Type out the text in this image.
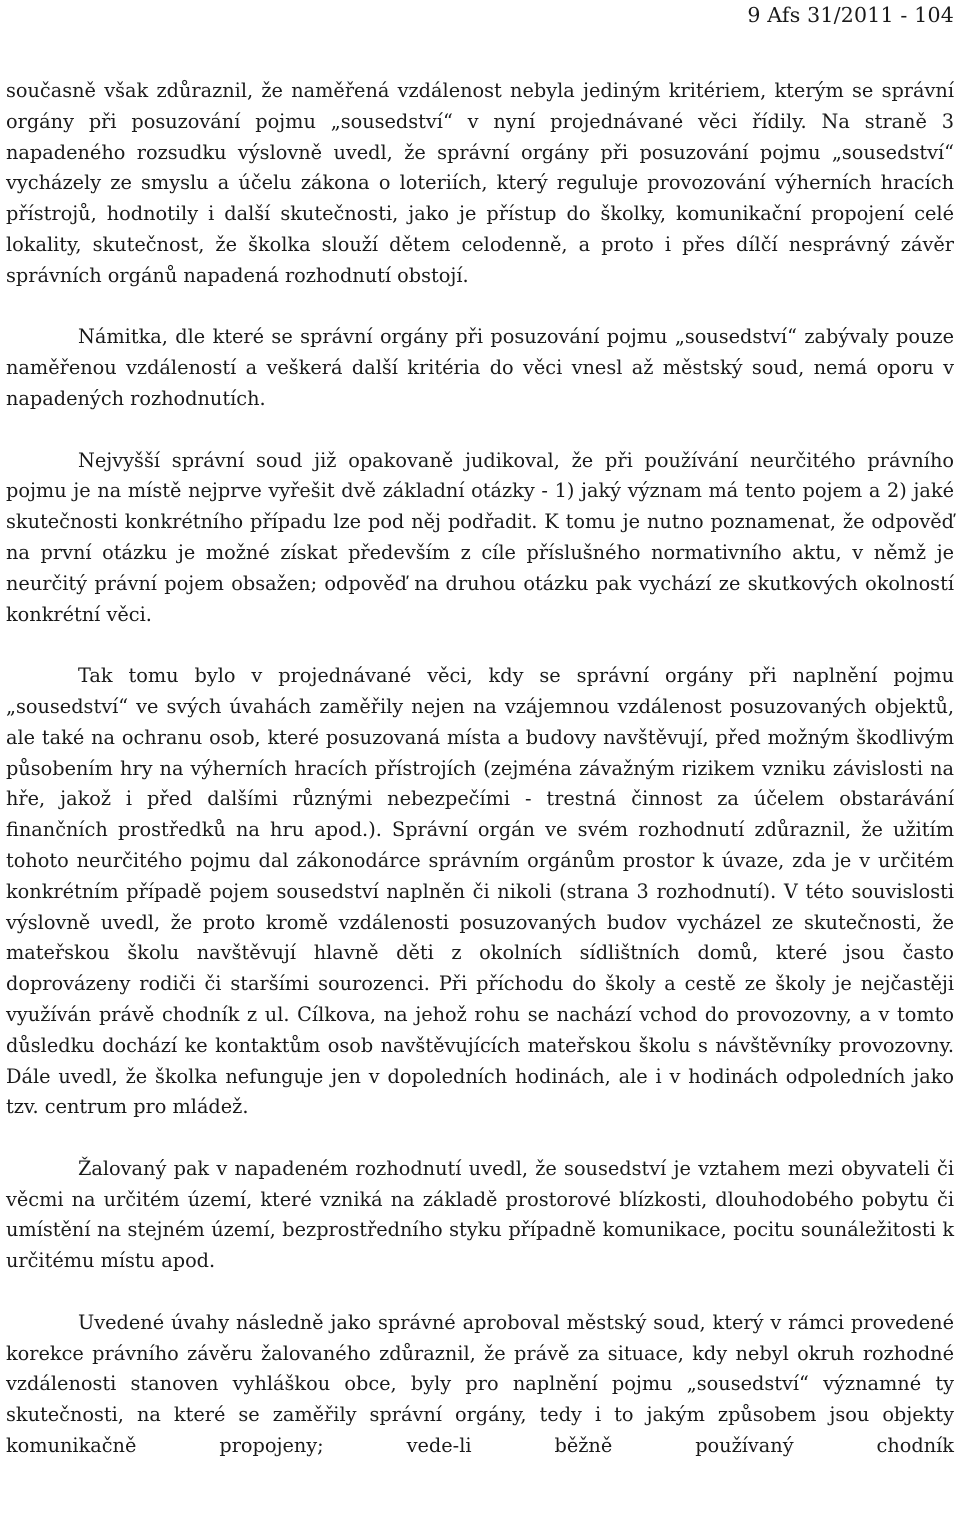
9 Afs 31/2011 - 104

současně však zdůraznil, že naměřená vzdálenost nebyla jediným kritériem, kterým se správní orgány při posuzování pojmu „sousedství“ v nyní projednávané věci řídily. Na straně 3 napadeného rozsudku výslovně uvedl, že správní orgány při posuzování pojmu „sousedství“ vycházely ze smyslu a účelu zákona o loteriích, který reguluje provozování výherních hracích přístrojů, hodnotily i další skutečnosti, jako je přístup do školky, komunikační propojení celé lokality, skutečnost, že školka slouží dětem celodenně, a proto i přes dílčí nesprávný závěr správních orgánů napadená rozhodnutí obstojí.

Námitka, dle které se správní orgány při posuzování pojmu „sousedství“ zabývaly pouze naměřenou vzdáleností a veškerá další kritéria do věci vnesl až městský soud, nemá oporu v napadených rozhodnutích.

Nejvyšší správní soud již opakovaně judikoval, že při používání neurčitého právního pojmu je na místě nejprve vyřešit dvě základní otázky - 1) jaký význam má tento pojem a 2) jaké skutečnosti konkrétního případu lze pod něj podřadit. K tomu je nutno poznamenat, že odpověď na první otázku je možné získat především z cíle příslušného normativního aktu, v němž je neurčitý právní pojem obsažen; odpověď na druhou otázku pak vychází ze skutkových okolností konkrétní věci.

Tak tomu bylo v projednávané věci, kdy se správní orgány při naplnění pojmu „sousedství“ ve svých úvahách zaměřily nejen na vzájemnou vzdálenost posuzovaných objektů, ale také na ochranu osob, které posuzovaná místa a budovy navštěvují, před možným škodlivým působením hry na výherních hracích přístrojích (zejména závažným rizikem vzniku závislosti na hře, jakož i před dalšími různými nebezpečími - trestná činnost za účelem obstarávání finančních prostředků na hru apod.). Správní orgán ve svém rozhodnutí zdůraznil, že užitím tohoto neurčitého pojmu dal zákonodárce správním orgánům prostor k úvaze, zda je v určitém konkrétním případě pojem sousedství naplněn či nikoli (strana 3 rozhodnutí). V této souvislosti výslovně uvedl, že proto kromě vzdálenosti posuzovaných budov vycházel ze skutečnosti, že mateřskou školu navštěvují hlavně děti z okolních sídlištních domů, které jsou často doprovázeny rodiči či staršími sourozenci. Při příchodu do školy a cestě ze školy je nejčastěji využíván právě chodník z ul. Cílkova, na jehož rohu se nachází vchod do provozovny, a v tomto důsledku dochází ke kontaktům osob navštěvujících mateřskou školu s návštěvníky provozovny. Dále uvedl, že školka nefunguje jen v dopoledních hodinách, ale i v hodinách odpoledních jako tzv. centrum pro mládež.

Žalovaný pak v napadeném rozhodnutí uvedl, že sousedství je vztahem mezi obyvateli či věcmi na určitém území, které vzniká na základě prostorové blízkosti, dlouhodobého pobytu či umístění na stejném území, bezprostředního styku případně komunikace, pocitu sounáležitosti k určitému místu apod.

Uvedené úvahy následně jako správné aproboval městský soud, který v rámci provedené korekce právního závěru žalovaného zdůraznil, že právě za situace, kdy nebyl okruh rozhodné vzdálenosti stanoven vyhláškou obce, byly pro naplnění pojmu „sousedství“ významné ty skutečnosti, na které se zaměřily správní orgány, tedy i to jakým způsobem jsou objekty komunikačně propojeny; vede-li běžně používaný chodník
